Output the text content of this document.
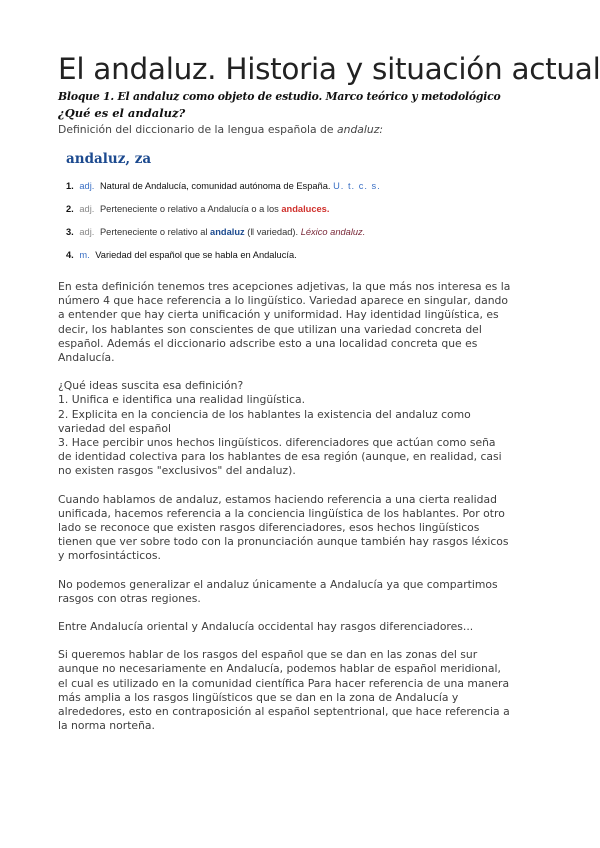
El andaluz. Historia y situación actual
Bloque 1. El andaluz como objeto de estudio. Marco teórico y metodológico
¿Qué es el andaluz?
Definición del diccionario de la lengua española de andaluz:
andaluz, za
1. adj. Natural de Andalucía, comunidad autónoma de España. U. t. c. s.
2. adj. Perteneciente o relativo a Andalucía o a los andaluces.
3. adj. Perteneciente o relativo al andaluz (‖ variedad). Léxico andaluz.
4. m. Variedad del español que se habla en Andalucía.

En esta definición tenemos tres acepciones adjetivas, la que más nos interesa es la
número 4 que hace referencia a lo lingüístico. Variedad aparece en singular, dando
a entender que hay cierta unificación y uniformidad. Hay identidad lingüística, es
decir, los hablantes son conscientes de que utilizan una variedad concreta del
español. Además el diccionario adscribe esto a una localidad concreta que es
Andalucía.

¿Qué ideas suscita esa definición?
1. Unifica e identifica una realidad lingüística.
2. Explicita en la conciencia de los hablantes la existencia del andaluz como
variedad del español
3. Hace percibir unos hechos lingüísticos. diferenciadores que actúan como seña
de identidad colectiva para los hablantes de esa región (aunque, en realidad, casi
no existen rasgos "exclusivos" del andaluz).

Cuando hablamos de andaluz, estamos haciendo referencia a una cierta realidad
unificada, hacemos referencia a la conciencia lingüística de los hablantes. Por otro
lado se reconoce que existen rasgos diferenciadores, esos hechos lingüísticos
tienen que ver sobre todo con la pronunciación aunque también hay rasgos léxicos
y morfosintácticos.

No podemos generalizar el andaluz únicamente a Andalucía ya que compartimos
rasgos con otras regiones.

Entre Andalucía oriental y Andalucía occidental hay rasgos diferenciadores...

Si queremos hablar de los rasgos del español que se dan en las zonas del sur
aunque no necesariamente en Andalucía, podemos hablar de español meridional,
el cual es utilizado en la comunidad científica Para hacer referencia de una manera
más amplia a los rasgos lingüísticos que se dan en la zona de Andalucía y
alrededores, esto en contraposición al español septentrional, que hace referencia a
la norma norteña.
